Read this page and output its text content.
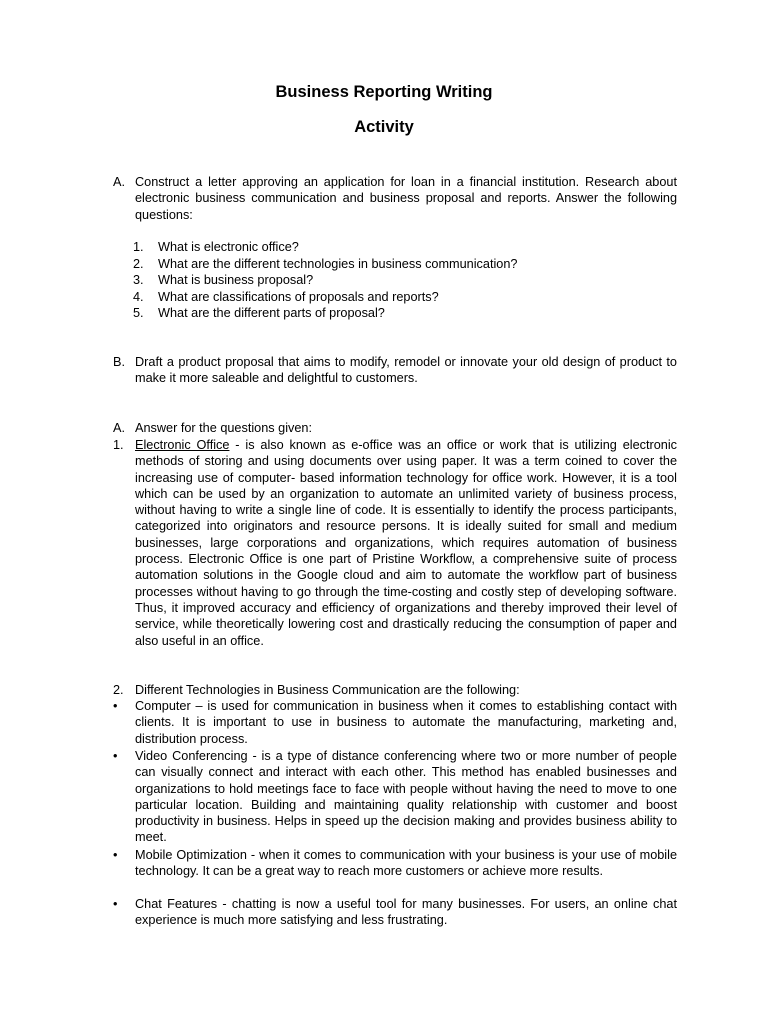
Business Reporting Writing
Activity
A. Construct a letter approving an application for loan in a financial institution. Research about electronic business communication and business proposal and reports. Answer the following questions:
1. What is electronic office?
2. What are the different technologies in business communication?
3. What is business proposal?
4. What are classifications of proposals and reports?
5. What are the different parts of proposal?
B. Draft a product proposal that aims to modify, remodel or innovate your old design of product to make it more saleable and delightful to customers.
A. Answer for the questions given:
1. Electronic Office - is also known as e-office was an office or work that is utilizing electronic methods of storing and using documents over using paper. It was a term coined to cover the increasing use of computer- based information technology for office work. However, it is a tool which can be used by an organization to automate an unlimited variety of business process, without having to write a single line of code. It is essentially to identify the process participants, categorized into originators and resource persons. It is ideally suited for small and medium businesses, large corporations and organizations, which requires automation of business process. Electronic Office is one part of Pristine Workflow, a comprehensive suite of process automation solutions in the Google cloud and aim to automate the workflow part of business processes without having to go through the time-costing and costly step of developing software. Thus, it improved accuracy and efficiency of organizations and thereby improved their level of service, while theoretically lowering cost and drastically reducing the consumption of paper and also useful in an office.
2. Different Technologies in Business Communication are the following:
• Computer – is used for communication in business when it comes to establishing contact with clients. It is important to use in business to automate the manufacturing, marketing and, distribution process.
• Video Conferencing - is a type of distance conferencing where two or more number of people can visually connect and interact with each other. This method has enabled businesses and organizations to hold meetings face to face with people without having the need to move to one particular location. Building and maintaining quality relationship with customer and boost productivity in business. Helps in speed up the decision making and provides business ability to meet.
• Mobile Optimization - when it comes to communication with your business is your use of mobile technology. It can be a great way to reach more customers or achieve more results.
• Chat Features - chatting is now a useful tool for many businesses. For users, an online chat experience is much more satisfying and less frustrating.
